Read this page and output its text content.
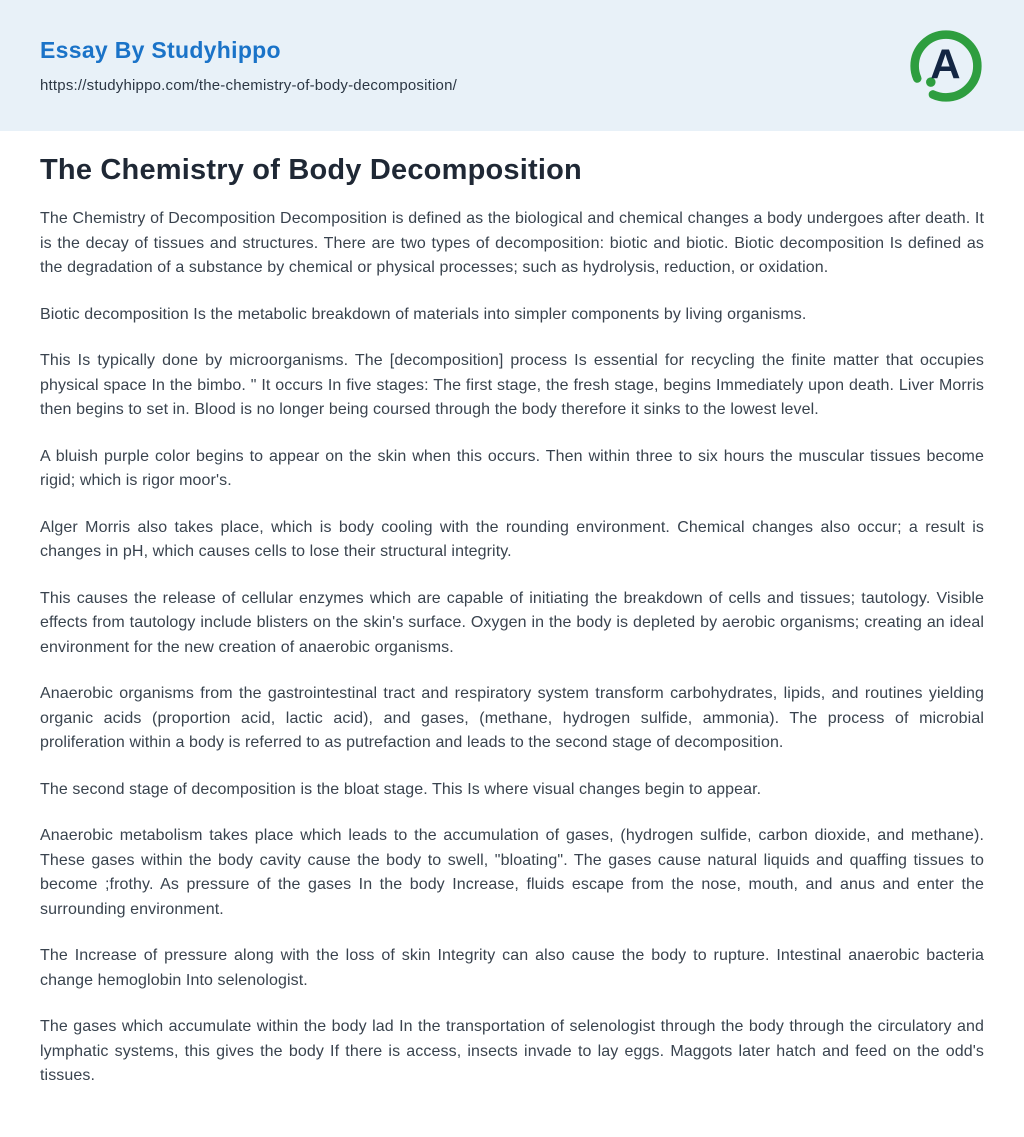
Essay By Studyhippo
https://studyhippo.com/the-chemistry-of-body-decomposition/	A
The Chemistry of Body Decomposition

The Chemistry of Decomposition Decomposition is defined as the biological and chemical changes a body undergoes after death. It is the decay of tissues and structures. There are two types of decomposition: biotic and biotic. Biotic decomposition Is defined as the degradation of a substance by chemical or physical processes; such as hydrolysis, reduction, or oxidation.

Biotic decomposition Is the metabolic breakdown of materials into simpler components by living organisms.

This Is typically done by microorganisms. The [decomposition] process Is essential for recycling the finite matter that occupies physical space In the bimbo. " It occurs In five stages: The first stage, the fresh stage, begins Immediately upon death. Liver Morris then begins to set in. Blood is no longer being coursed through the body therefore it sinks to the lowest level.

A bluish purple color begins to appear on the skin when this occurs. Then within three to six hours the muscular tissues become rigid; which is rigor moor's.

Alger Morris also takes place, which is body cooling with the rounding environment. Chemical changes also occur; a result is changes in pH, which causes cells to lose their structural integrity.

This causes the release of cellular enzymes which are capable of initiating the breakdown of cells and tissues; tautology. Visible effects from tautology include blisters on the skin's surface. Oxygen in the body is depleted by aerobic organisms; creating an ideal environment for the new creation of anaerobic organisms.

Anaerobic organisms from the gastrointestinal tract and respiratory system transform carbohydrates, lipids, and routines yielding organic acids (proportion acid, lactic acid), and gases, (methane, hydrogen sulfide, ammonia). The process of microbial proliferation within a body is referred to as putrefaction and leads to the second stage of decomposition.

The second stage of decomposition is the bloat stage. This Is where visual changes begin to appear.

Anaerobic metabolism takes place which leads to the accumulation of gases, (hydrogen sulfide, carbon dioxide, and methane). These gases within the body cavity cause the body to swell, "bloating". The gases cause natural liquids and quaffing tissues to become ;frothy. As pressure of the gases In the body Increase, fluids escape from the nose, mouth, and anus and enter the surrounding environment.

The Increase of pressure along with the loss of skin Integrity can also cause the body to rupture. Intestinal anaerobic bacteria change hemoglobin Into selenologist.

The gases which accumulate within the body lad In the transportation of selenologist through the body through the circulatory and lymphatic systems, this gives the body If there is access, insects invade to lay eggs. Maggots later hatch and feed on the odd's tissues.
